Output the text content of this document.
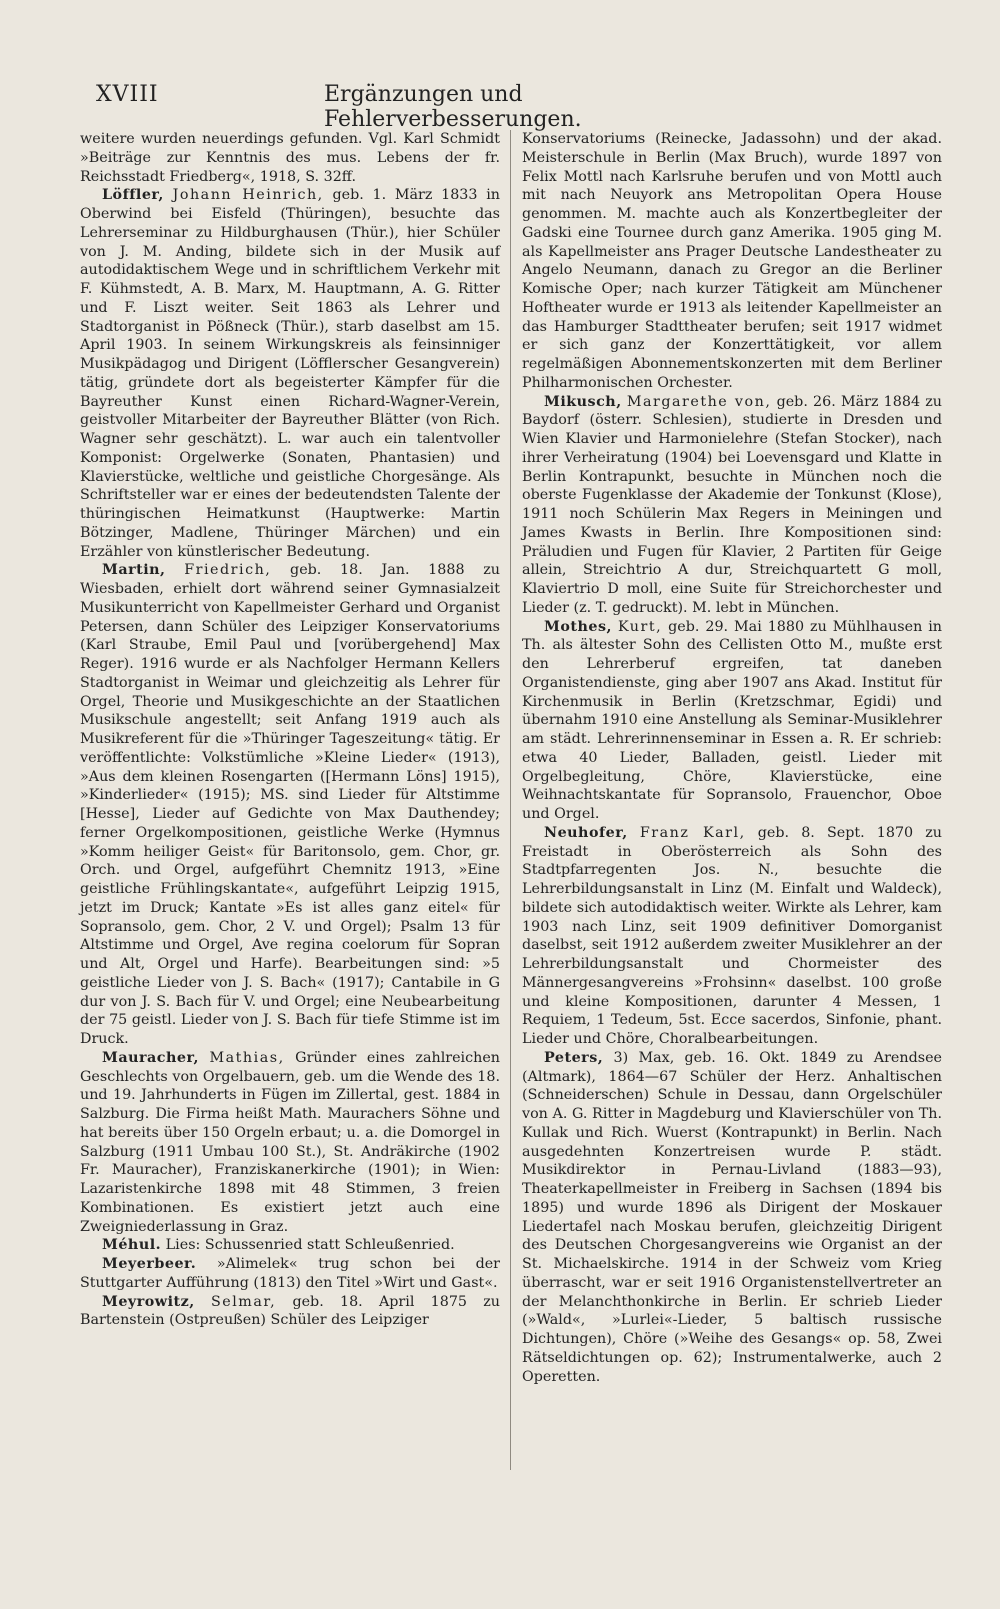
XVIII	Ergänzungen und Fehlerverbesserungen.

weitere wurden neuerdings gefunden. Vgl. Karl Schmidt »Beiträge zur Kenntnis des mus. Lebens der fr. Reichsstadt Friedberg«, 1918, S. 32ff.

Löffler, Johann Heinrich, geb. 1. März 1833 in Oberwind bei Eisfeld (Thüringen), besuchte das Lehrerseminar zu Hildburghausen (Thür.), hier Schüler von J. M. Anding, bildete sich in der Musik auf autodidaktischem Wege und in schriftlichem Verkehr mit F. Kühmstedt, A. B. Marx, M. Hauptmann, A. G. Ritter und F. Liszt weiter. Seit 1863 als Lehrer und Stadtorganist in Pößneck (Thür.), starb daselbst am 15. April 1903. In seinem Wirkungskreis als feinsinniger Musikpädagog und Dirigent (Löfflerscher Gesangverein) tätig, gründete dort als begeisterter Kämpfer für die Bayreuther Kunst einen Richard-Wagner-Verein, geistvoller Mitarbeiter der Bayreuther Blätter (von Rich. Wagner sehr geschätzt). L. war auch ein talentvoller Komponist: Orgelwerke (Sonaten, Phantasien) und Klavierstücke, weltliche und geistliche Chorgesänge. Als Schriftsteller war er eines der bedeutendsten Talente der thüringischen Heimatkunst (Hauptwerke: Martin Bötzinger, Madlene, Thüringer Märchen) und ein Erzähler von künstlerischer Bedeutung.

Martin, Friedrich, geb. 18. Jan. 1888 zu Wiesbaden, erhielt dort während seiner Gymnasialzeit Musikunterricht von Kapellmeister Gerhard und Organist Petersen, dann Schüler des Leipziger Konservatoriums (Karl Straube, Emil Paul und [vorübergehend] Max Reger). 1916 wurde er als Nachfolger Hermann Kellers Stadtorganist in Weimar und gleichzeitig als Lehrer für Orgel, Theorie und Musikgeschichte an der Staatlichen Musikschule angestellt; seit Anfang 1919 auch als Musikreferent für die »Thüringer Tageszeitung« tätig. Er veröffentlichte: Volkstümliche »Kleine Lieder« (1913), »Aus dem kleinen Rosengarten ([Hermann Löns] 1915), »Kinderlieder« (1915); MS. sind Lieder für Altstimme [Hesse], Lieder auf Gedichte von Max Dauthendey; ferner Orgelkompositionen, geistliche Werke (Hymnus »Komm heiliger Geist« für Baritonsolo, gem. Chor, gr. Orch. und Orgel, aufgeführt Chemnitz 1913, »Eine geistliche Frühlingskantate«, aufgeführt Leipzig 1915, jetzt im Druck; Kantate »Es ist alles ganz eitel« für Sopransolo, gem. Chor, 2 V. und Orgel); Psalm 13 für Altstimme und Orgel, Ave regina coelorum für Sopran und Alt, Orgel und Harfe). Bearbeitungen sind: »5 geistliche Lieder von J. S. Bach« (1917); Cantabile in G dur von J. S. Bach für V. und Orgel; eine Neubearbeitung der 75 geistl. Lieder von J. S. Bach für tiefe Stimme ist im Druck.

Mauracher, Mathias, Gründer eines zahlreichen Geschlechts von Orgelbauern, geb. um die Wende des 18. und 19. Jahrhunderts in Fügen im Zillertal, gest. 1884 in Salzburg. Die Firma heißt Math. Maurachers Söhne und hat bereits über 150 Orgeln erbaut; u. a. die Domorgel in Salzburg (1911 Umbau 100 St.), St. Andräkirche (1902 Fr. Mauracher), Franziskanerkirche (1901); in Wien: Lazaristenkirche 1898 mit 48 Stimmen, 3 freien Kombinationen. Es existiert jetzt auch eine Zweigniederlassung in Graz.

Méhul. Lies: Schussenried statt Schleußenried.

Meyerbeer. »Alimelek« trug schon bei der Stuttgarter Aufführung (1813) den Titel »Wirt und Gast«.

Meyrowitz, Selmar, geb. 18. April 1875 zu Bartenstein (Ostpreußen) Schüler des Leipziger

Konservatoriums (Reinecke, Jadassohn) und der akad. Meisterschule in Berlin (Max Bruch), wurde 1897 von Felix Mottl nach Karlsruhe berufen und von Mottl auch mit nach Neuyork ans Metropolitan Opera House genommen. M. machte auch als Konzertbegleiter der Gadski eine Tournee durch ganz Amerika. 1905 ging M. als Kapellmeister ans Prager Deutsche Landestheater zu Angelo Neumann, danach zu Gregor an die Berliner Komische Oper; nach kurzer Tätigkeit am Münchener Hoftheater wurde er 1913 als leitender Kapellmeister an das Hamburger Stadttheater berufen; seit 1917 widmet er sich ganz der Konzerttätigkeit, vor allem regelmäßigen Abonnementskonzerten mit dem Berliner Philharmonischen Orchester.

Mikusch, Margarethe von, geb. 26. März 1884 zu Baydorf (österr. Schlesien), studierte in Dresden und Wien Klavier und Harmonielehre (Stefan Stocker), nach ihrer Verheiratung (1904) bei Loevensgard und Klatte in Berlin Kontrapunkt, besuchte in München noch die oberste Fugenklasse der Akademie der Tonkunst (Klose), 1911 noch Schülerin Max Regers in Meiningen und James Kwasts in Berlin. Ihre Kompositionen sind: Präludien und Fugen für Klavier, 2 Partiten für Geige allein, Streichtrio A dur, Streichquartett G moll, Klaviertrio D moll, eine Suite für Streichorchester und Lieder (z. T. gedruckt). M. lebt in München.

Mothes, Kurt, geb. 29. Mai 1880 zu Mühlhausen in Th. als ältester Sohn des Cellisten Otto M., mußte erst den Lehrerberuf ergreifen, tat daneben Organistendienste, ging aber 1907 ans Akad. Institut für Kirchenmusik in Berlin (Kretzschmar, Egidi) und übernahm 1910 eine Anstellung als Seminar-Musiklehrer am städt. Lehrerinnenseminar in Essen a. R. Er schrieb: etwa 40 Lieder, Balladen, geistl. Lieder mit Orgelbegleitung, Chöre, Klavierstücke, eine Weihnachtskantate für Sopransolo, Frauenchor, Oboe und Orgel.

Neuhofer, Franz Karl, geb. 8. Sept. 1870 zu Freistadt in Oberösterreich als Sohn des Stadtpfarregenten Jos. N., besuchte die Lehrerbildungsanstalt in Linz (M. Einfalt und Waldeck), bildete sich autodidaktisch weiter. Wirkte als Lehrer, kam 1903 nach Linz, seit 1909 definitiver Domorganist daselbst, seit 1912 außerdem zweiter Musiklehrer an der Lehrerbildungsanstalt und Chormeister des Männergesangvereins »Frohsinn« daselbst. 100 große und kleine Kompositionen, darunter 4 Messen, 1 Requiem, 1 Tedeum, 5st. Ecce sacerdos, Sinfonie, phant. Lieder und Chöre, Choralbearbeitungen.

Peters, 3) Max, geb. 16. Okt. 1849 zu Arendsee (Altmark), 1864—67 Schüler der Herz. Anhaltischen (Schneiderschen) Schule in Dessau, dann Orgelschüler von A. G. Ritter in Magdeburg und Klavierschüler von Th. Kullak und Rich. Wuerst (Kontrapunkt) in Berlin. Nach ausgedehnten Konzertreisen wurde P. städt. Musikdirektor in Pernau-Livland (1883—93), Theaterkapellmeister in Freiberg in Sachsen (1894 bis 1895) und wurde 1896 als Dirigent der Moskauer Liedertafel nach Moskau berufen, gleichzeitig Dirigent des Deutschen Chorgesangvereins wie Organist an der St. Michaelskirche. 1914 in der Schweiz vom Krieg überrascht, war er seit 1916 Organistenstellvertreter an der Melanchthonkirche in Berlin. Er schrieb Lieder (»Wald«, »Lurlei«-Lieder, 5 baltisch russische Dichtungen), Chöre (»Weihe des Gesangs« op. 58, Zwei Rätseldichtungen op. 62); Instrumentalwerke, auch 2 Operetten.
